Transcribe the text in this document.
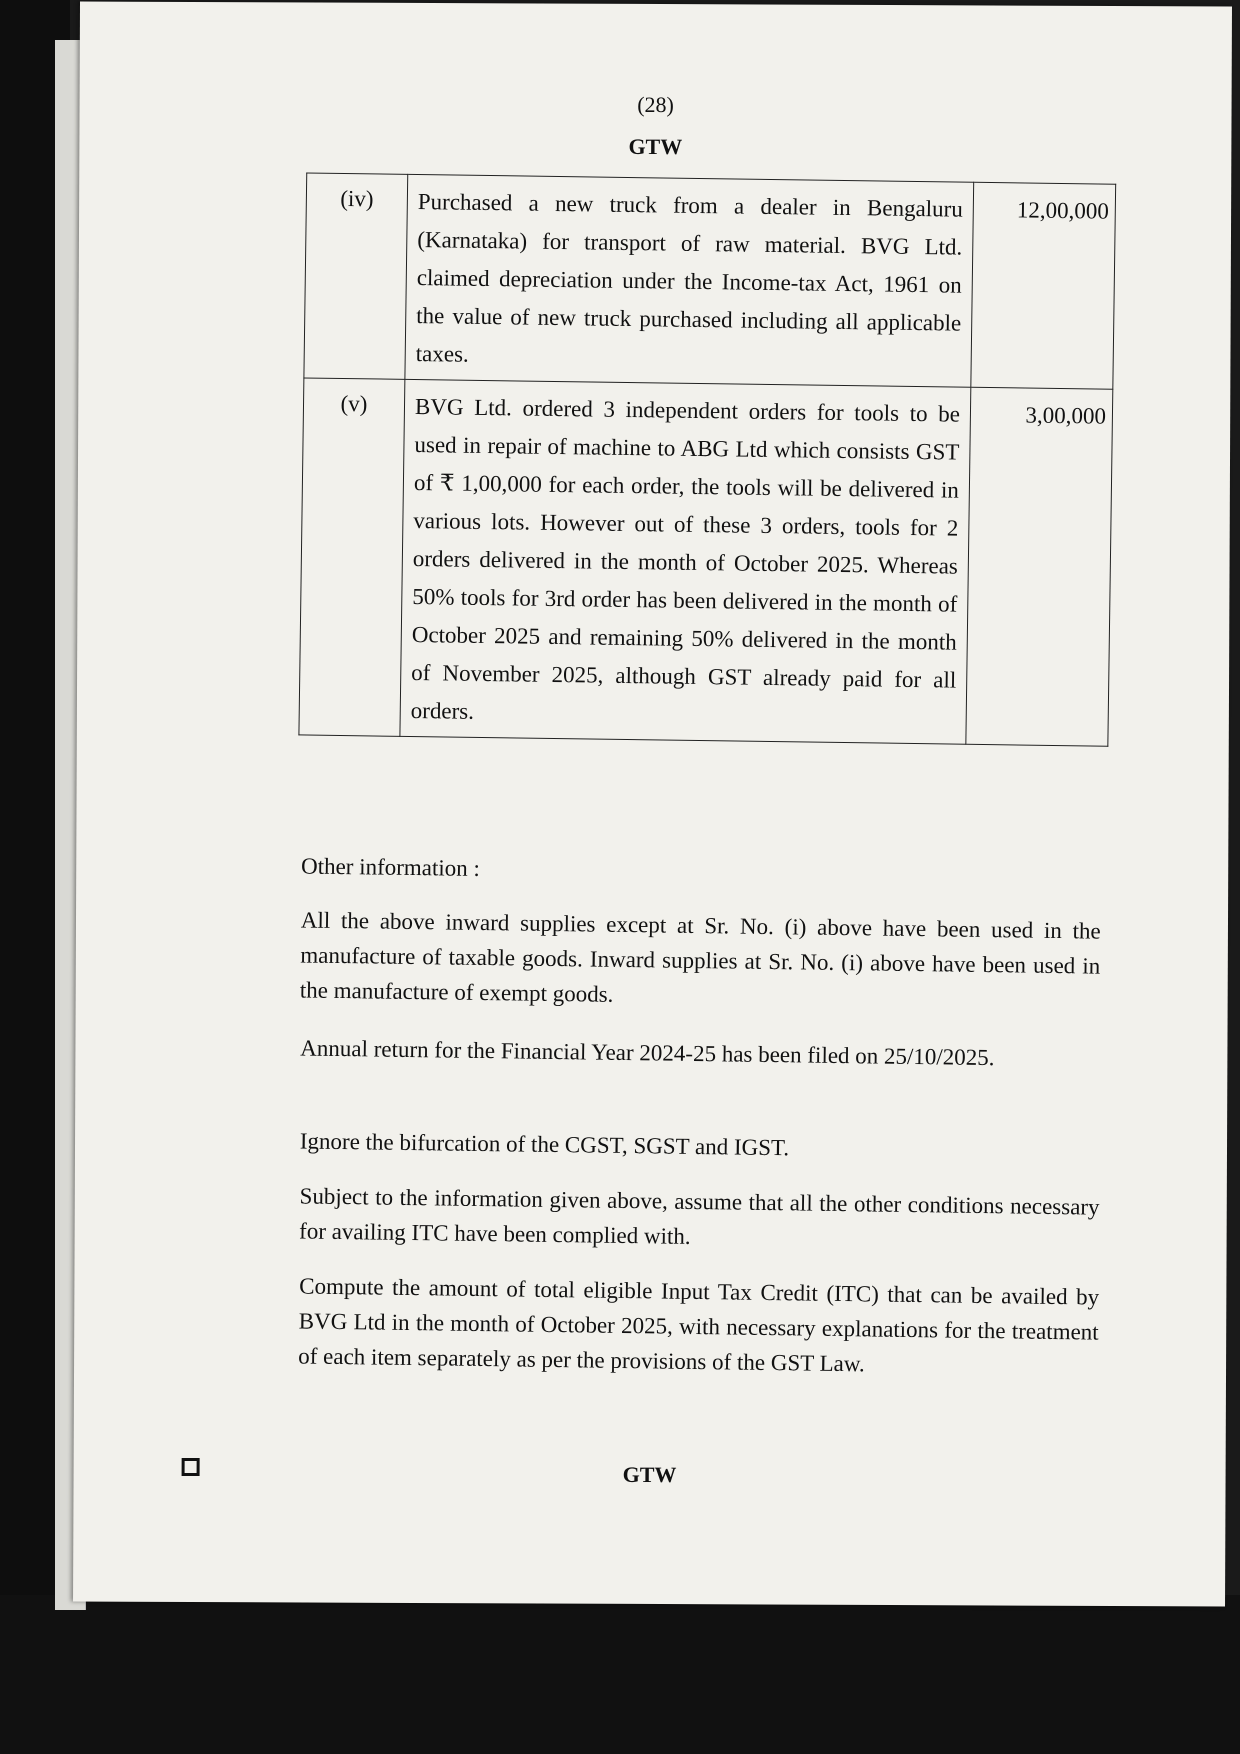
(28)
GTW
(iv)	Purchased a new truck from a dealer in Bengaluru (Karnataka) for transport of raw material. BVG Ltd. claimed depreciation under the Income-tax Act, 1961 on the value of new truck purchased including all applicable taxes.	12,00,000
(v)	BVG Ltd. ordered 3 independent orders for tools to be used in repair of machine to ABG Ltd which consists GST of ₹ 1,00,000 for each order, the tools will be delivered in various lots. However out of these 3 orders, tools for 2 orders delivered in the month of October 2025. Whereas 50% tools for 3rd order has been delivered in the month of October 2025 and remaining 50% delivered in the month of November 2025, although GST already paid for all orders.	3,00,000
Other information :
All the above inward supplies except at Sr. No. (i) above have been used in the manufacture of taxable goods. Inward supplies at Sr. No. (i) above have been used in the manufacture of exempt goods.
Annual return for the Financial Year 2024-25 has been filed on 25/10/2025.
Ignore the bifurcation of the CGST, SGST and IGST.
Subject to the information given above, assume that all the other conditions necessary for availing ITC have been complied with.
Compute the amount of total eligible Input Tax Credit (ITC) that can be availed by BVG Ltd in the month of October 2025, with necessary explanations for the treatment of each item separately as per the provisions of the GST Law.
GTW
